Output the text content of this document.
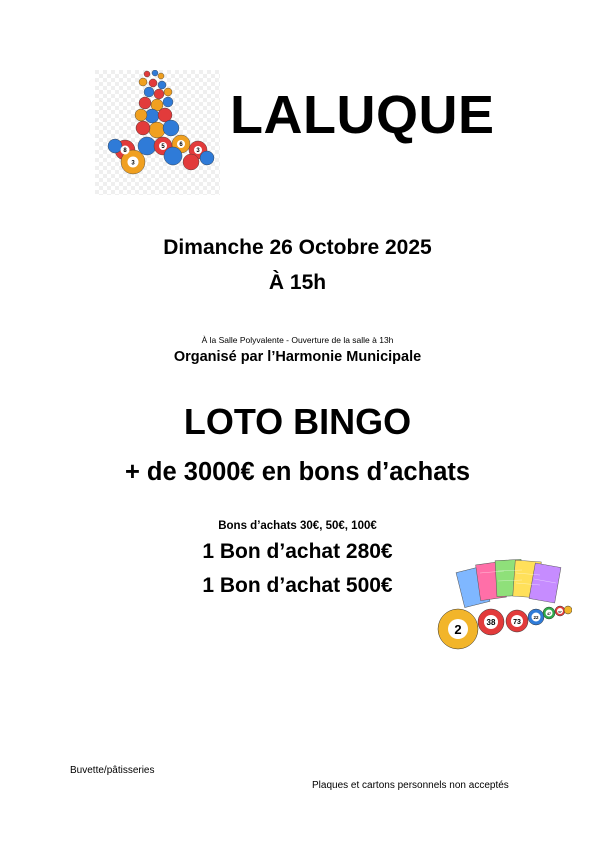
3
8
5 6
3
LALUQUE
Dimanche 26 Octobre 2025
À 15h
À la Salle Polyvalente - Ouverture de la salle à 13h
Organisé par l’Harmonie Municipale
LOTO BINGO
+ de 3000€ en bons d’achats
Bons d’achats 30€, 50€, 100€
1 Bon d’achat 280€
1 Bon d’achat 500€
2	38	73
22
47 57
Buvette/pâtisseries
Plaques et cartons personnels non acceptés
